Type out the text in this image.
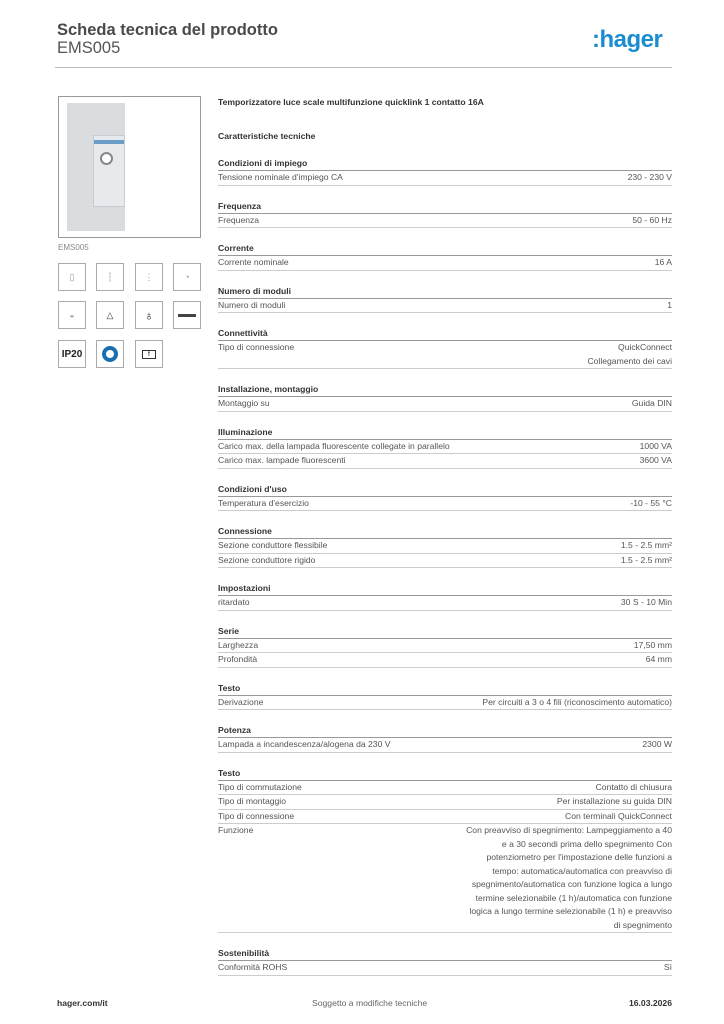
Scheda tecnica del prodotto
EMS005	:hager
EMS005
▯	┆	⋮	◔
◒	△	♁
IP20	f
Temporizzatore luce scale multifunzione quicklink 1 contatto 16A
Caratteristiche tecniche
Condizioni di impiego
Tensione nominale d'impiego CA	230 - 230 V
Frequenza
Frequenza	50 - 60 Hz
Corrente
Corrente nominale	16 A
Numero di moduli
Numero di moduli	1
Connettività
Tipo di connessione	QuickConnect
Collegamento dei cavi
Installazione, montaggio
Montaggio su	Guida DIN
Illuminazione
Carico max. della lampada fluorescente collegate in parallelo	1000 VA
Carico max. lampade fluorescenti	3600 VA
Condizioni d'uso
Temperatura d'esercizio	-10 - 55 °C
Connessione
Sezione conduttore flessibile	1.5 - 2.5 mm²
Sezione conduttore rigido	1.5 - 2.5 mm²
Impostazioni
ritardato	30 S - 10 Min
Serie
Larghezza	17,50 mm
Profondità	64 mm
Testo
Derivazione	Per circuiti a 3 o 4 fili (riconoscimento automatico)
Potenza
Lampada a incandescenza/alogena da 230 V	2300 W
Testo
Tipo di commutazione	Contatto di chiusura
Tipo di montaggio	Per installazione su guida DIN
Tipo di connessione	Con terminali QuickConnect
Funzione	Con preavviso di spegnimento: Lampeggiamento a 40 e a 30 secondi prima dello spegnimento Con potenziometro per l'impostazione delle funzioni a tempo: automatica/automatica con preavviso di spegnimento/automatica con funzione logica a lungo termine selezionabile (1 h)/automatica con funzione logica a lungo termine selezionabile (1 h) e preavviso di spegnimento
Sostenibilità
Conformità ROHS	Sì
hager.com/it	Soggetto a modifiche tecniche	16.03.2026
